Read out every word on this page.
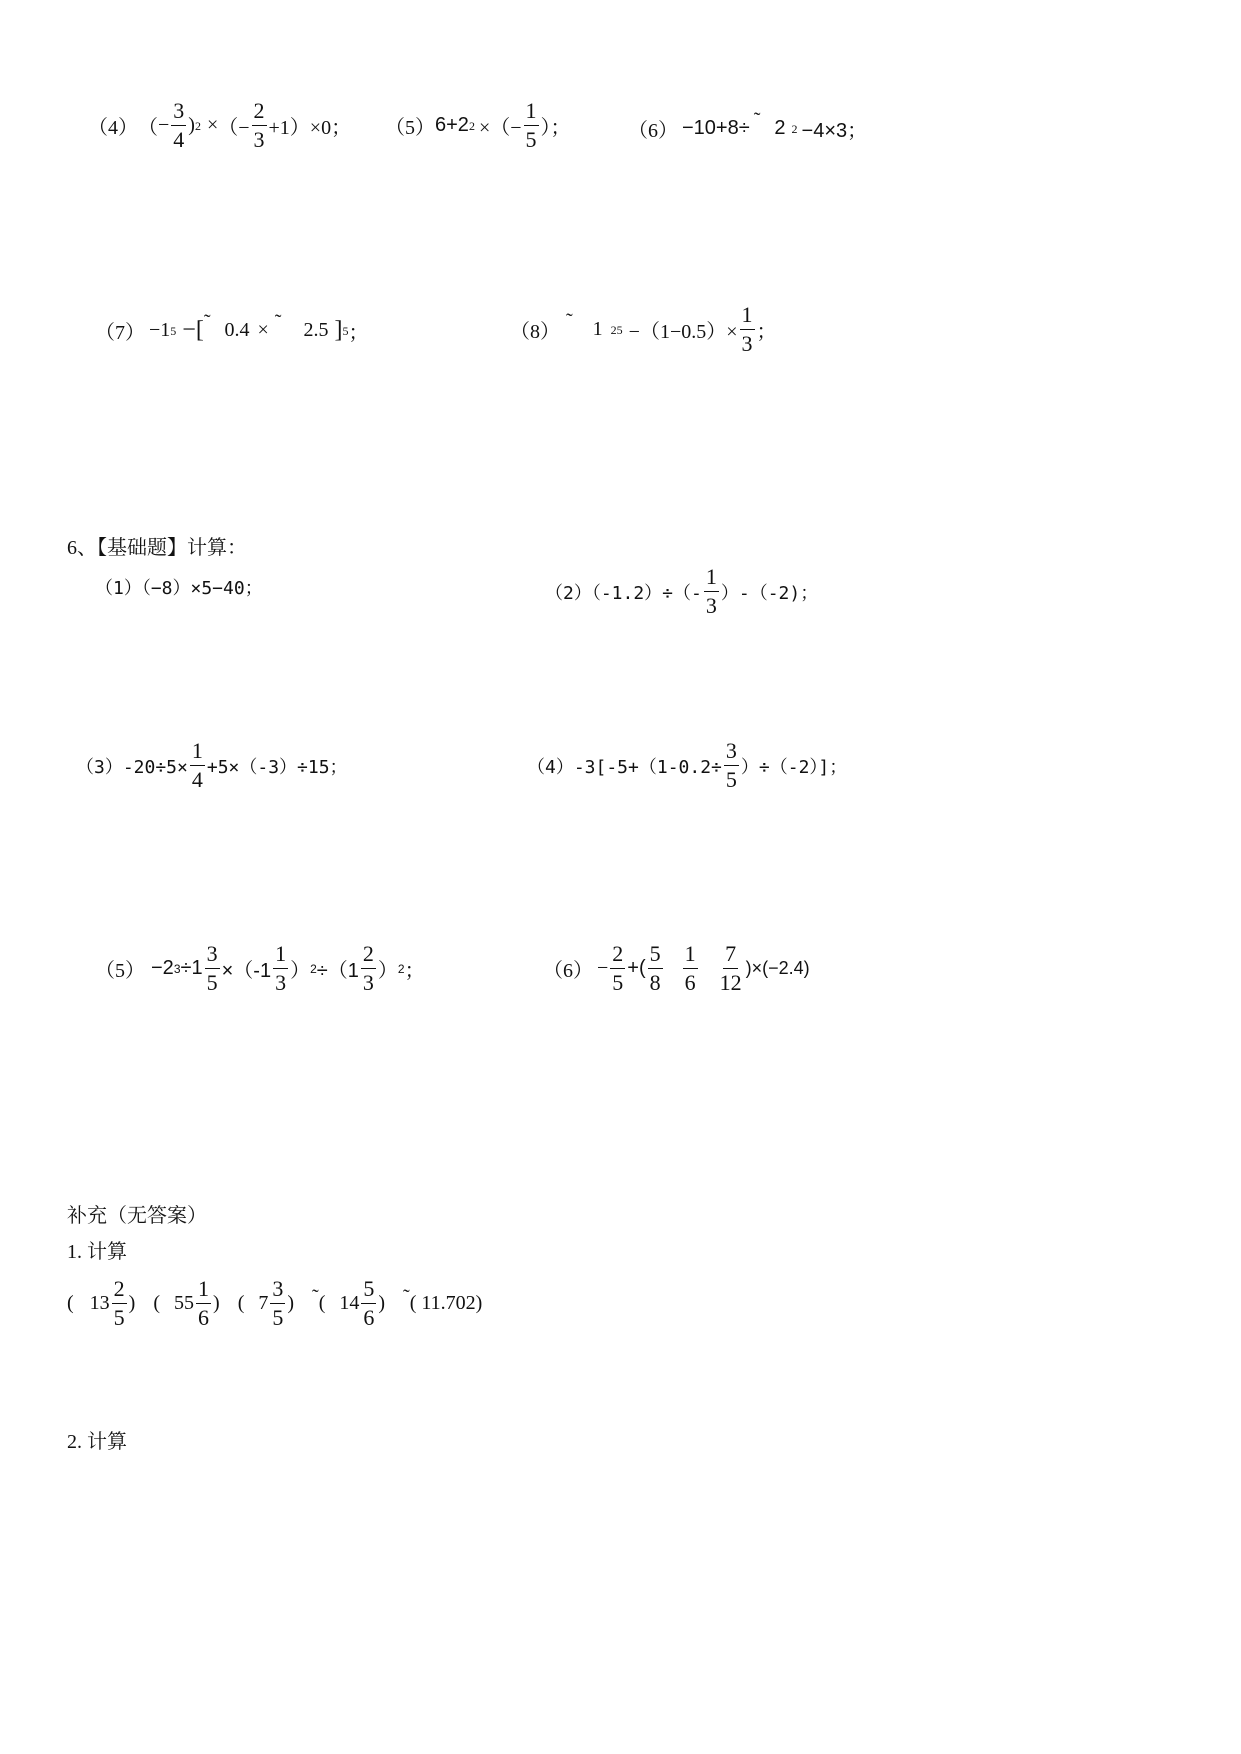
（4） （ − $\frac{3}{4}$ ) 2 × （− $\frac{2}{3} +1)\times 0$； （5） 6+2 2 ×（− $\frac{1}{5}$ ）；	（6） −10+8÷ ˜ 2 2 −4×3；
（7） −1 5 −[ ˜ 0.4 × ˜ 2.5 ] 5 ；	（8） ˜ 1 $25 -(1-0.5)\times \frac{1}{3}$ ；
6、【基础题】计算：
（1）（−8）×5−40；	$(2)(-1.2)\div(- \frac{1}{3} )-(-2)$；
$(3)-20\div 5\times \frac{1}{4} +5\times(-3)\div 15$；	$(4)-3[-5+(1-0.2\div \frac{3}{5} )\div(-2)]$；
（5） −2 $3 \div 1 \frac{3}{5} \times(-1 \frac{1}{3}$ ） $2 \div(1 \frac{2}{3}$ ） 2 ；	$(6) - \frac{2}{5}$ +( $\frac{5}{8} \frac{1}{6} \frac{7}{12} )\times(-2.4)$
补充（无答案）
1. 计算
( $13 \frac{2}{5}$ ) ( $55 \frac{1}{6}$ ) ( $7 \frac{3}{5}$ ) ˜ ( $14 \frac{5}{6}$ ) ˜ ( 11.702)
2. 计算
